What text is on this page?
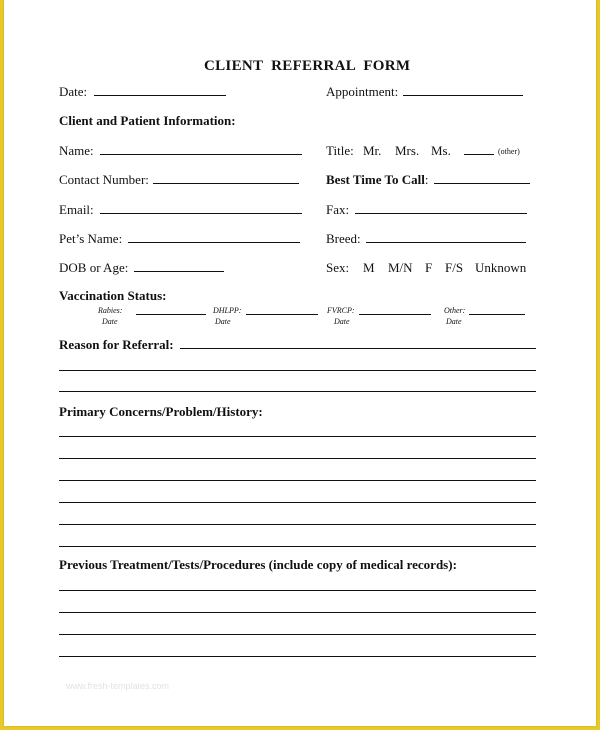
CLIENT  REFERRAL  FORM
Date:	Appointment:
Client and Patient Information:
Name:	Title: Mr. Mrs. Ms.	(other)
Contact Number:	Best Time To Call:
Email:	Fax:
Pet’s Name:	Breed:
DOB or Age:	Sex: M M/N F F/S Unknown
Vaccination Status:
Rabies:
Date
DHLPP:
Date
FVRCP:
Date
Other:
Date
Reason for Referral:
Primary Concerns/Problem/History:
Previous Treatment/Tests/Procedures (include copy of medical records):
www.fresh-templates.com
